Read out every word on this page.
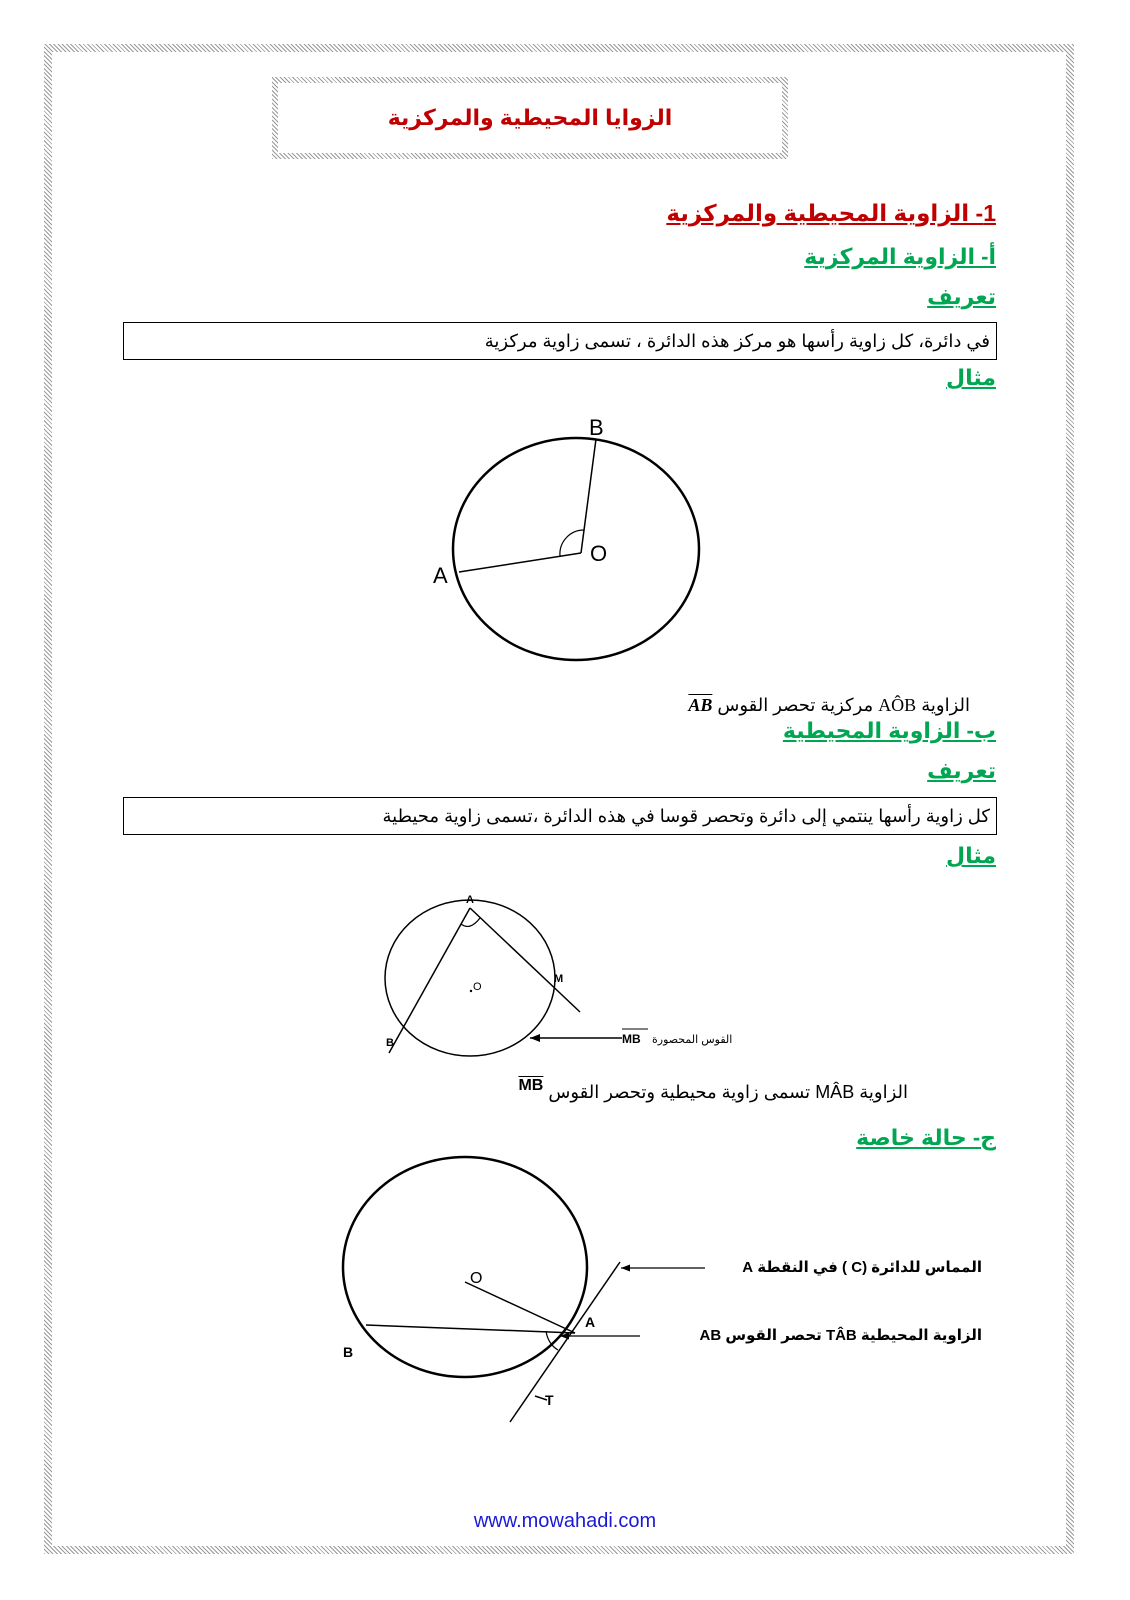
الزوايا المحيطية والمركزية
1- الزاوية المحيطية والمركزية
أ- الزاوية المركزية
تعريف
في دائرة، كل زاوية رأسها هو مركز هذه الدائرة ، تسمى زاوية مركزية
مثال
A
B
O
الزاوية AÔB مركزية تحصر القوس $\overline{AB}$
ب- الزاوية المحيطية
تعريف
كل زاوية رأسها ينتمي إلى دائرة وتحصر قوسا في هذه الدائرة ،تسمى زاوية محيطية
مثال
A
B
M
O
MB القوس المحصورة
الزاوية MÂB تسمى زاوية محيطية وتحصر القوس $\overline{MB}$
ج- حالة خاصة
O
A
B
T
المماس للدائرة (C ) في النقطة A
الزاوية المحيطية TÂB تحصر القوس AB
www.mowahadi.com
